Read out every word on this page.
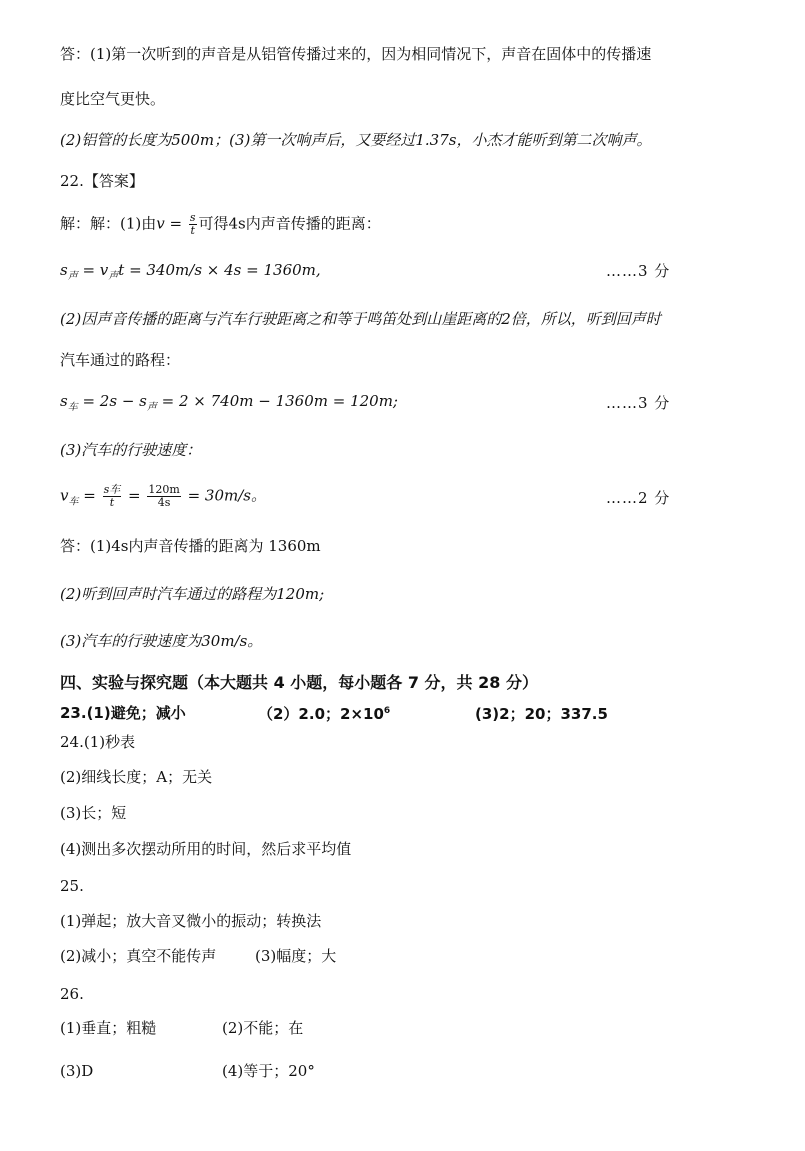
答：(1)第一次听到的声音是从铝管传播过来的，因为相同情况下，声音在固体中的传播速
度比空气更快。
(2)铝管的长度为500m；(3)第一次响声后，又要经过1.37s，小杰才能听到第二次响声。
22.【答案】
解：解：(1)由$v = \frac{s}{t}$ 可得4s内声音传播的距离：
$s_声 = v_声t = 340m/s \times 4s = 1360m$,	……3 分
(2)因声音传播的距离与汽车行驶距离之和等于鸣笛处到山崖距离的2倍，所以，听到回声时
汽车通过的路程：
$s_车 = 2s - s_声 = 2 \times 740m - 1360m = 120m$;	……3 分
(3)汽车的行驶速度：
$v_车 = \frac{\text{s车}}{t} = \frac{120m}{4s} = 30m/s$。	……2 分
答：(1)4s内声音传播的距离为 1360m
(2)听到回声时汽车通过的路程为120m;
(3)汽车的行驶速度为30m/s。
四、实验与探究题（本大题共 4 小题，每小题各 7 分，共 28 分）
23.(1)避免；减小	（2）2.0；$2\times 10^6$	(3)2；20；337.5
24.(1)秒表
(2)细线长度；A；无关
(3)长；短
(4)测出多次摆动所用的时间，然后求平均值
25.
(1)弹起；放大音叉微小的振动；转换法
(2)减小；真空不能传声	(3)幅度；大
26.
(1)垂直；粗糙	(2)不能；在
(3)D	(4)等于；20°
